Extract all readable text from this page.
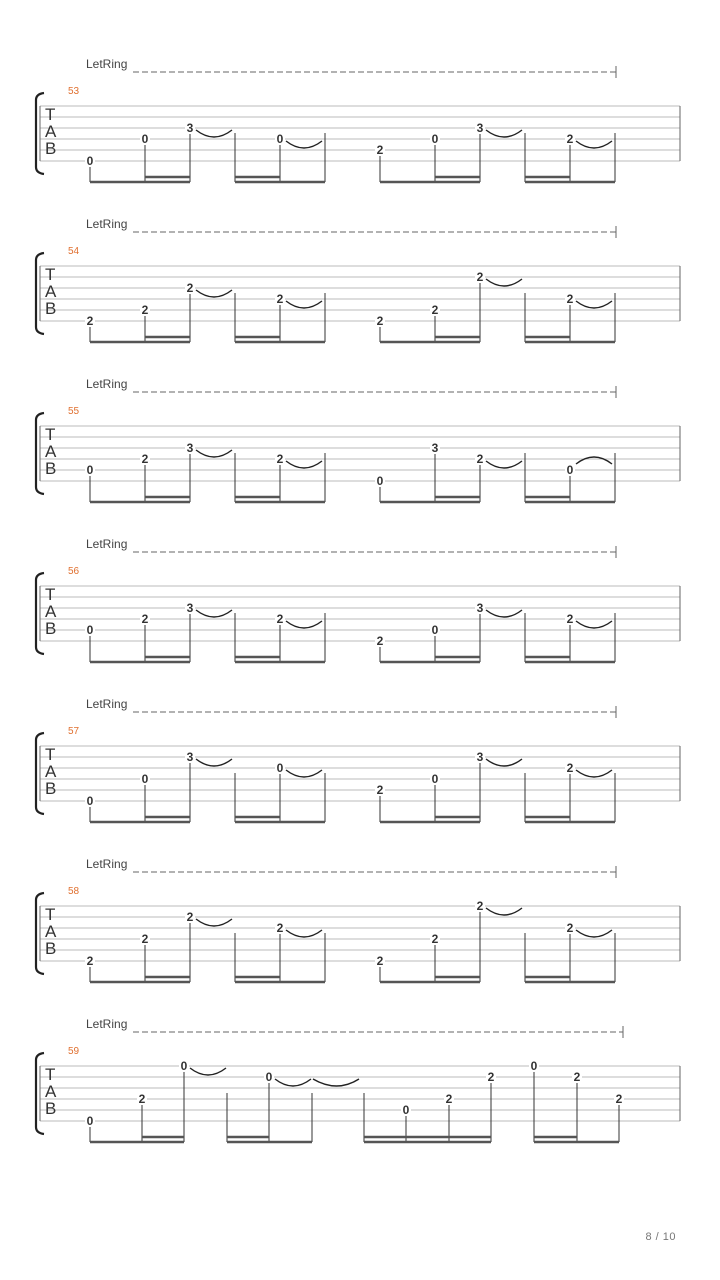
LetRing
53
T
A
B
0
0
3
0
2
0
3
2
LetRing
54
T
A
B
2
2
2
2
2
2
2
2
LetRing
55
T
A
B	0
2
3
2
0
3
2
0
LetRing
56
T
A
B	0
2
3
2
2
0
3
2
LetRing
57
T
A
B
0
0
3
0
2
0
3
2
LetRing
58
T
A
B
2
2
2
2
2
2
2
2
LetRing
59
T
A
B
0
2
0
0
0
2
2
0
2
2
8 / 10
